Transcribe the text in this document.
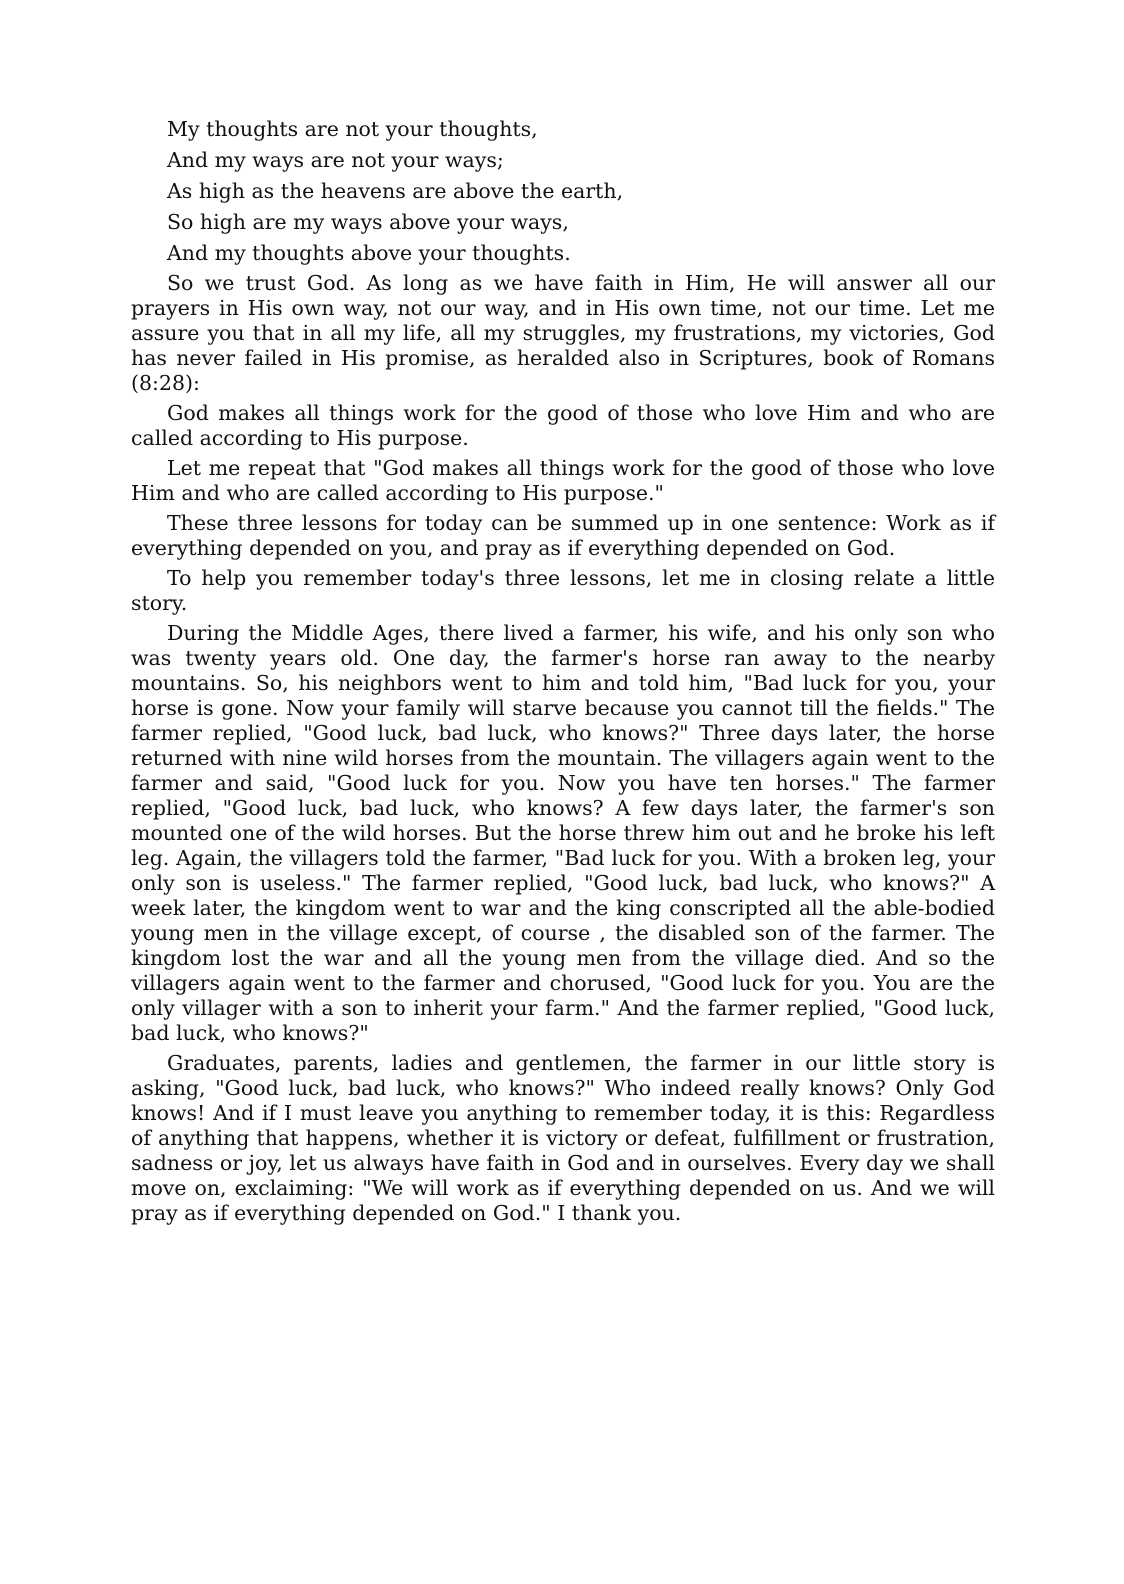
My thoughts are not your thoughts,

And my ways are not your ways;

As high as the heavens are above the earth,

So high are my ways above your ways,

And my thoughts above your thoughts.

So we trust God. As long as we have faith in Him, He will answer all our prayers in His own way, not our way, and in His own time, not our time. Let me assure you that in all my life, all my struggles, my frustrations, my victories, God has never failed in His promise, as heralded also in Scriptures, book of Romans (8:28):

God makes all things work for the good of those who love Him and who are called according to His purpose.

Let me repeat that "God makes all things work for the good of those who love Him and who are called according to His purpose."

These three lessons for today can be summed up in one sentence: Work as if everything depended on you, and pray as if everything depended on God.

To help you remember today's three lessons, let me in closing relate a little story.

During the Middle Ages, there lived a farmer, his wife, and his only son who was twenty years old. One day, the farmer's horse ran away to the nearby mountains. So, his neighbors went to him and told him, "Bad luck for you, your horse is gone. Now your family will starve because you cannot till the fields." The farmer replied, "Good luck, bad luck, who knows?" Three days later, the horse returned with nine wild horses from the mountain. The villagers again went to the farmer and said, "Good luck for you. Now you have ten horses." The farmer replied, "Good luck, bad luck, who knows? A few days later, the farmer's son mounted one of the wild horses. But the horse threw him out and he broke his left leg. Again, the villagers told the farmer, "Bad luck for you. With a broken leg, your only son is useless." The farmer replied, "Good luck, bad luck, who knows?" A week later, the kingdom went to war and the king conscripted all the able-bodied young men in the village except, of course , the disabled son of the farmer. The kingdom lost the war and all the young men from the village died. And so the villagers again went to the farmer and chorused, "Good luck for you. You are the only villager with a son to inherit your farm." And the farmer replied, "Good luck, bad luck, who knows?"

Graduates, parents, ladies and gentlemen, the farmer in our little story is asking, "Good luck, bad luck, who knows?" Who indeed really knows? Only God knows! And if I must leave you anything to remember today, it is this: Regardless of anything that happens, whether it is victory or defeat, fulfillment or frustration, sadness or joy, let us always have faith in God and in ourselves. Every day we shall move on, exclaiming: "We will work as if everything depended on us. And we will pray as if everything depended on God." I thank you.
